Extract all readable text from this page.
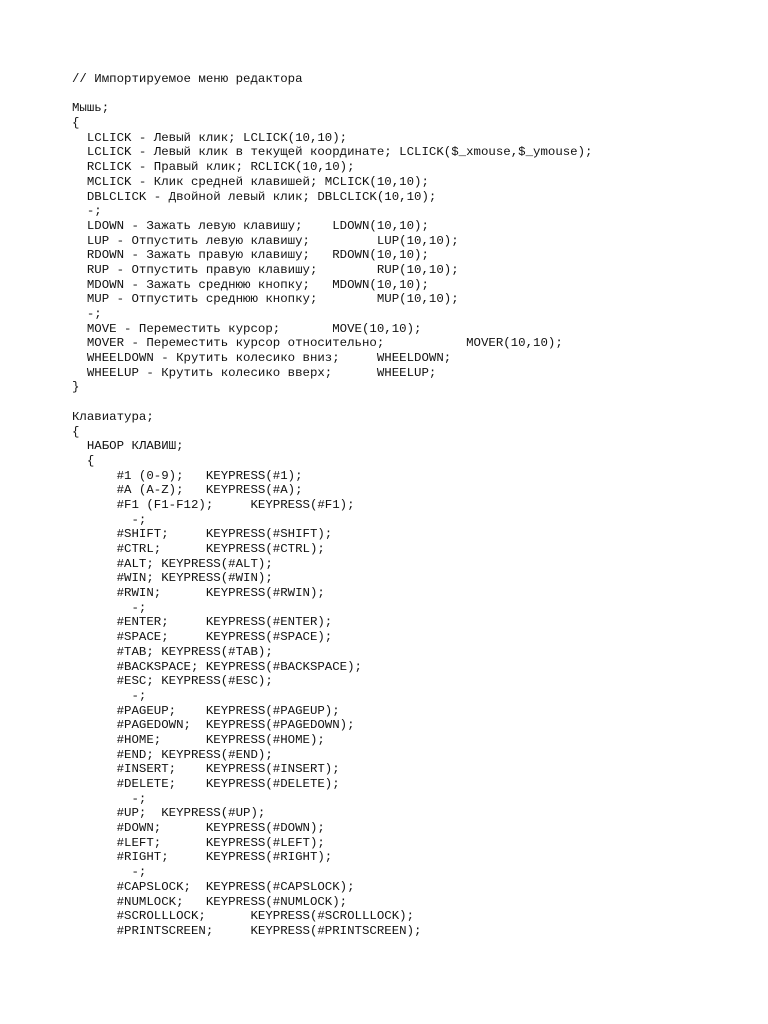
// Импортируемое меню редактора
Мышь;
{
LCLICK - Левый клик; LCLICK(10,10);
LCLICK - Левый клик в текущей координате; LCLICK($_xmouse,$_ymouse);
RCLICK - Правый клик; RCLICK(10,10);
MCLICK - Клик средней клавишей; MCLICK(10,10);
DBLCLICK - Двойной левый клик; DBLCLICK(10,10);
-;
LDOWN - Зажать левую клавишу;    LDOWN(10,10);
LUP - Отпустить левую клавишу;         LUP(10,10);
RDOWN - Зажать правую клавишу;   RDOWN(10,10);
RUP - Отпустить правую клавишу;        RUP(10,10);
MDOWN - Зажать среднюю кнопку;   MDOWN(10,10);
MUP - Отпустить среднюю кнопку;        MUP(10,10);
-;
MOVE - Переместить курсор;       MOVE(10,10);
MOVER - Переместить курсор относительно;           MOVER(10,10);
WHEELDOWN - Крутить колесико вниз;     WHEELDOWN;
WHEELUP - Крутить колесико вверх;      WHEELUP;
}
Клавиатура;
{
НАБОР КЛАВИШ;
{
#1 (0-9);   KEYPRESS(#1);
#A (A-Z);   KEYPRESS(#A);
#F1 (F1-F12);     KEYPRESS(#F1);
-;
#SHIFT;     KEYPRESS(#SHIFT);
#CTRL;      KEYPRESS(#CTRL);
#ALT; KEYPRESS(#ALT);
#WIN; KEYPRESS(#WIN);
#RWIN;      KEYPRESS(#RWIN);
-;
#ENTER;     KEYPRESS(#ENTER);
#SPACE;     KEYPRESS(#SPACE);
#TAB; KEYPRESS(#TAB);
#BACKSPACE; KEYPRESS(#BACKSPACE);
#ESC; KEYPRESS(#ESC);
-;
#PAGEUP;    KEYPRESS(#PAGEUP);
#PAGEDOWN;  KEYPRESS(#PAGEDOWN);
#HOME;      KEYPRESS(#HOME);
#END; KEYPRESS(#END);
#INSERT;    KEYPRESS(#INSERT);
#DELETE;    KEYPRESS(#DELETE);
-;
#UP;  KEYPRESS(#UP);
#DOWN;      KEYPRESS(#DOWN);
#LEFT;      KEYPRESS(#LEFT);
#RIGHT;     KEYPRESS(#RIGHT);
-;
#CAPSLOCK;  KEYPRESS(#CAPSLOCK);
#NUMLOCK;   KEYPRESS(#NUMLOCK);
#SCROLLLOCK;      KEYPRESS(#SCROLLLOCK);
#PRINTSCREEN;     KEYPRESS(#PRINTSCREEN);
